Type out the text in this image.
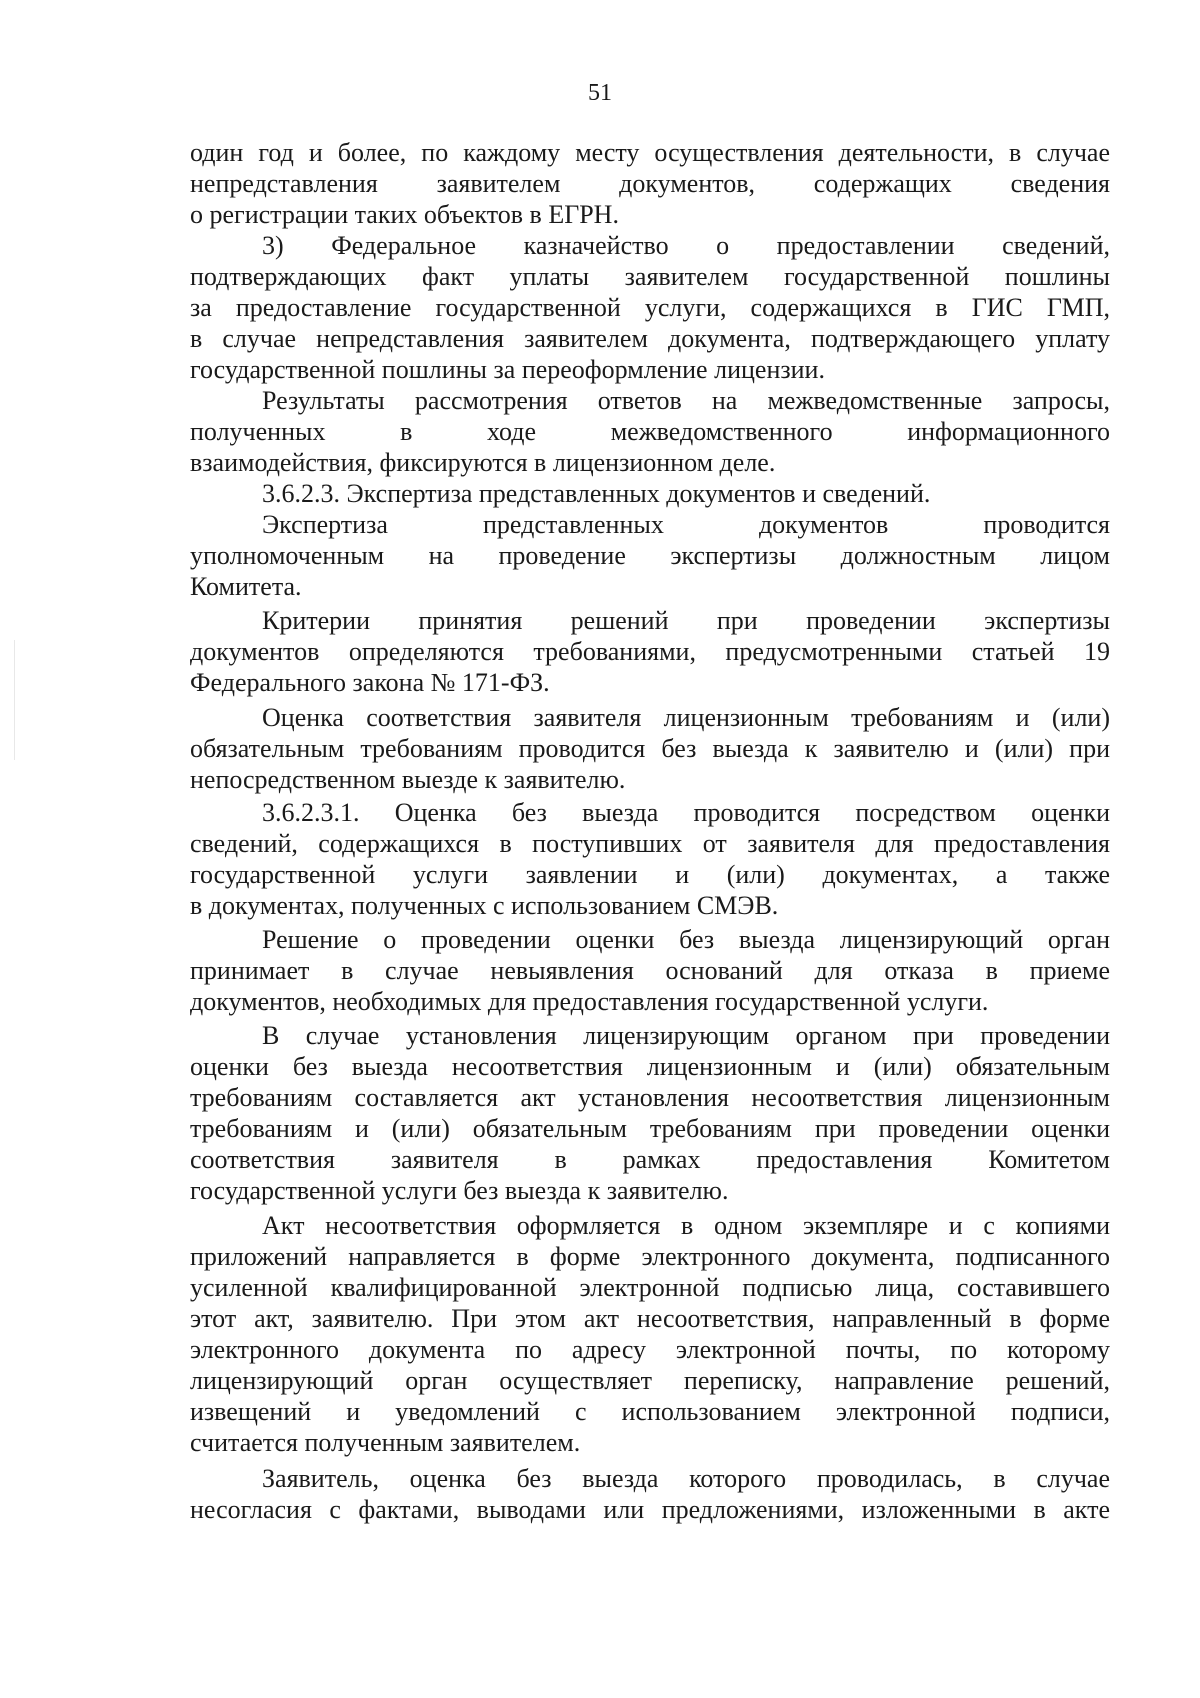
51
один год и более, по каждому месту осуществления деятельности, в случае
непредставления заявителем документов, содержащих сведения
о регистрации таких объектов в ЕГРН.
3) Федеральное казначейство о предоставлении сведений,
подтверждающих факт уплаты заявителем государственной пошлины
за предоставление государственной услуги, содержащихся в ГИС ГМП,
в случае непредставления заявителем документа, подтверждающего уплату
государственной пошлины за переоформление лицензии.
Результаты рассмотрения ответов на межведомственные запросы,
полученных в ходе межведомственного информационного
взаимодействия, фиксируются в лицензионном деле.
3.6.2.3. Экспертиза представленных документов и сведений.
Экспертиза представленных документов проводится
уполномоченным на проведение экспертизы должностным лицом
Комитета.
Критерии принятия решений при проведении экспертизы
документов определяются требованиями, предусмотренными статьей 19
Федерального закона № 171-ФЗ.
Оценка соответствия заявителя лицензионным требованиям и (или)
обязательным требованиям проводится без выезда к заявителю и (или) при
непосредственном выезде к заявителю.
3.6.2.3.1. Оценка без выезда проводится посредством оценки
сведений, содержащихся в поступивших от заявителя для предоставления
государственной услуги заявлении и (или) документах, а также
в документах, полученных с использованием СМЭВ.
Решение о проведении оценки без выезда лицензирующий орган
принимает в случае невыявления оснований для отказа в приеме
документов, необходимых для предоставления государственной услуги.
В случае установления лицензирующим органом при проведении
оценки без выезда несоответствия лицензионным и (или) обязательным
требованиям составляется акт установления несоответствия лицензионным
требованиям и (или) обязательным требованиям при проведении оценки
соответствия заявителя в рамках предоставления Комитетом
государственной услуги без выезда к заявителю.
Акт несоответствия оформляется в одном экземпляре и с копиями
приложений направляется в форме электронного документа, подписанного
усиленной квалифицированной электронной подписью лица, составившего
этот акт, заявителю. При этом акт несоответствия, направленный в форме
электронного документа по адресу электронной почты, по которому
лицензирующий орган осуществляет переписку, направление решений,
извещений и уведомлений с использованием электронной подписи,
считается полученным заявителем.
Заявитель, оценка без выезда которого проводилась, в случае
несогласия с фактами, выводами или предложениями, изложенными в акте
